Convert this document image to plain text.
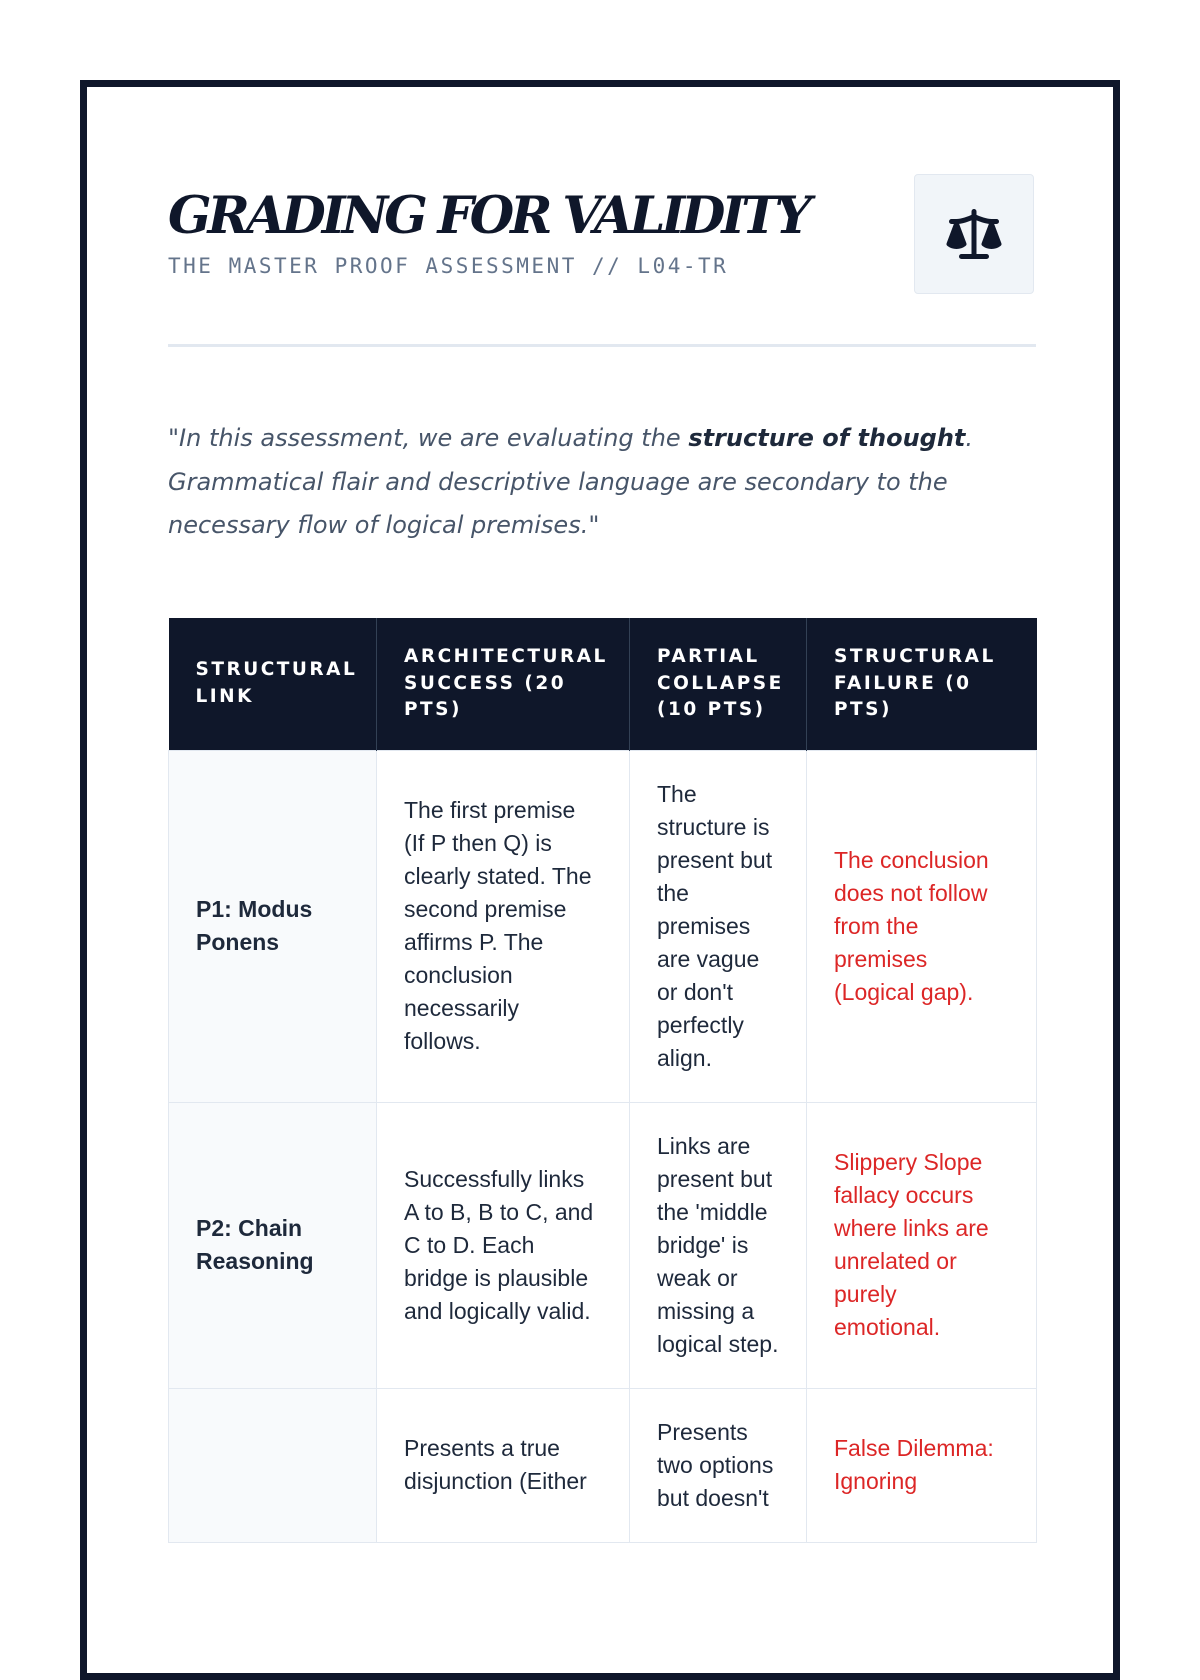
GRADING FOR VALIDITY
THE MASTER PROOF ASSESSMENT // L04-TR

"In this assessment, we are evaluating the structure of thought. Grammatical flair and descriptive language are secondary to the necessary flow of logical premises."

STRUCTURAL LINK	ARCHITECTURAL SUCCESS (20 PTS)	PARTIAL COLLAPSE (10 PTS)	STRUCTURAL FAILURE (0 PTS)
P1: Modus Ponens	The first premise (If P then Q) is clearly stated. The second premise affirms P. The conclusion necessarily follows.	The structure is present but the premises are vague or don't perfectly align.	The conclusion does not follow from the premises (Logical gap).
P2: Chain Reasoning	Successfully links A to B, B to C, and C to D. Each bridge is plausible and logically valid.	Links are present but the 'middle bridge' is weak or missing a logical step.	Slippery Slope fallacy occurs where links are unrelated or purely emotional.
	Presents a true disjunction (Either	Presents two options but doesn't	False Dilemma: Ignoring
